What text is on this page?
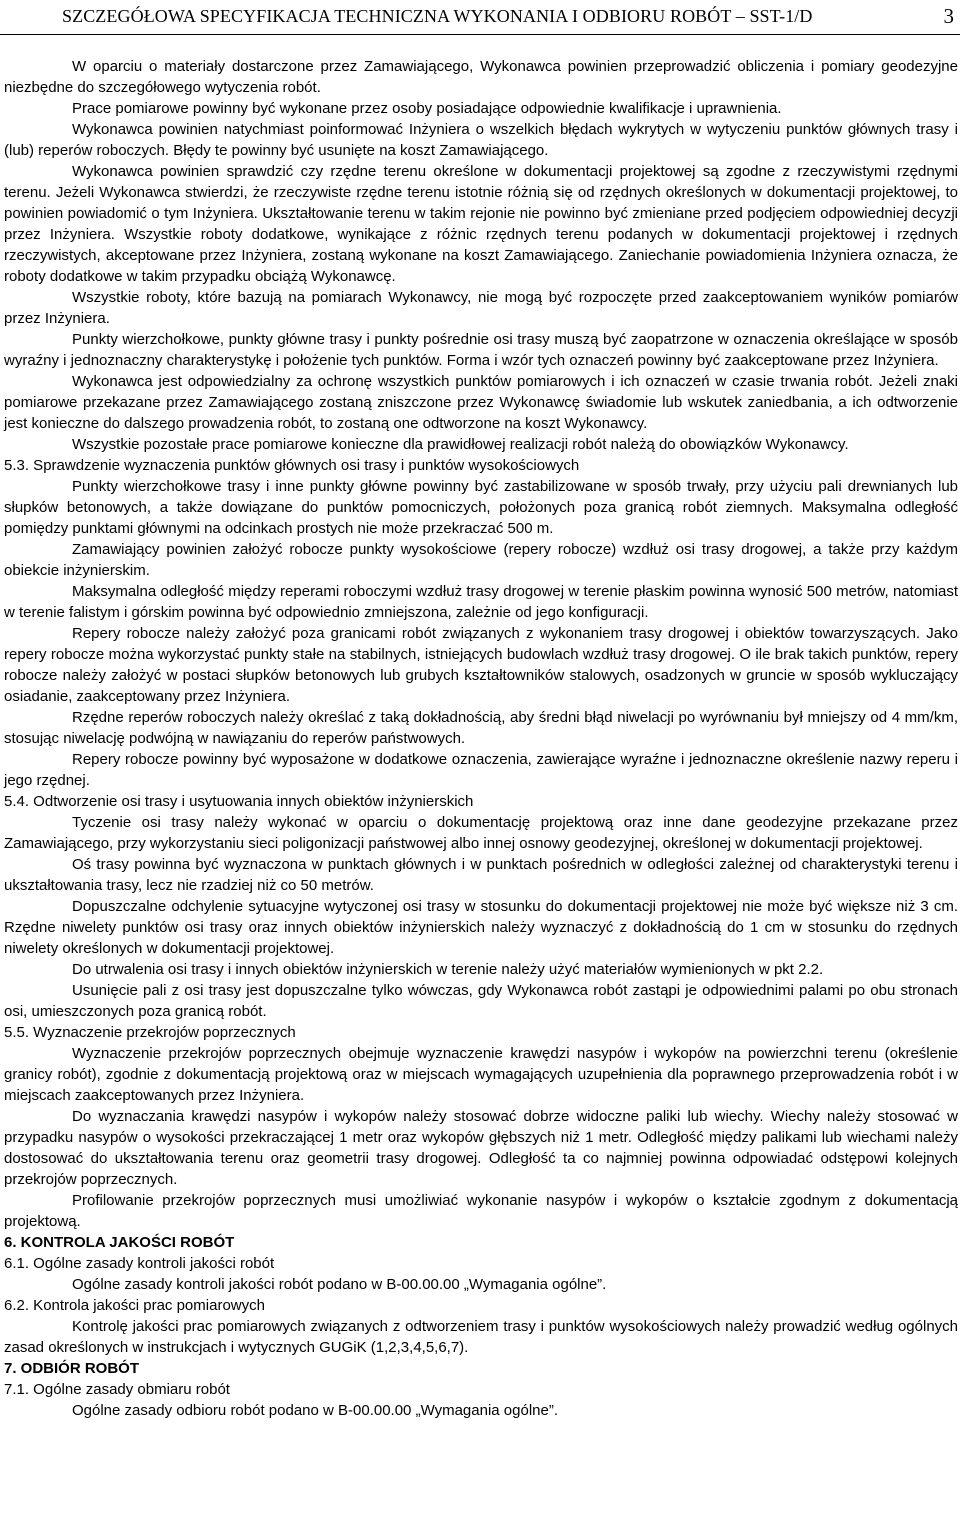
SZCZEGÓŁOWA SPECYFIKACJA TECHNICZNA WYKONANIA I ODBIORU ROBÓT – SST-1/D	3

W oparciu o materiały dostarczone przez Zamawiającego, Wykonawca powinien przeprowadzić obliczenia i pomiary geodezyjne niezbędne do szczegółowego wytyczenia robót.

Prace pomiarowe powinny być wykonane przez osoby posiadające odpowiednie kwalifikacje i uprawnienia.

Wykonawca powinien natychmiast poinformować Inżyniera o wszelkich błędach wykrytych w wytyczeniu punktów głównych trasy i (lub) reperów roboczych. Błędy te powinny być usunięte na koszt Zamawiającego.

Wykonawca powinien sprawdzić czy rzędne terenu określone w dokumentacji projektowej są zgodne z rzeczywistymi rzędnymi terenu. Jeżeli Wykonawca stwierdzi, że rzeczywiste rzędne terenu istotnie różnią się od rzędnych określonych w dokumentacji projektowej, to powinien powiadomić o tym Inżyniera. Ukształtowanie terenu w takim rejonie nie powinno być zmieniane przed podjęciem odpowiedniej decyzji przez Inżyniera. Wszystkie roboty dodatkowe, wynikające z różnic rzędnych terenu podanych w dokumentacji projektowej i rzędnych rzeczywistych, akceptowane przez Inżyniera, zostaną wykonane na koszt Zamawiającego. Zaniechanie powiadomienia Inżyniera oznacza, że roboty dodatkowe w takim przypadku obciążą Wykonawcę.

Wszystkie roboty, które bazują na pomiarach Wykonawcy, nie mogą być rozpoczęte przed zaakceptowaniem wyników pomiarów przez Inżyniera.

Punkty wierzchołkowe, punkty główne trasy i punkty pośrednie osi trasy muszą być zaopatrzone w oznaczenia określające w sposób wyraźny i jednoznaczny charakterystykę i położenie tych punktów. Forma i wzór tych oznaczeń powinny być zaakceptowane przez Inżyniera.

Wykonawca jest odpowiedzialny za ochronę wszystkich punktów pomiarowych i ich oznaczeń w czasie trwania robót. Jeżeli znaki pomiarowe przekazane przez Zamawiającego zostaną zniszczone przez Wykonawcę świadomie lub wskutek zaniedbania, a ich odtworzenie jest konieczne do dalszego prowadzenia robót, to zostaną one odtworzone na koszt Wykonawcy.

Wszystkie pozostałe prace pomiarowe konieczne dla prawidłowej realizacji robót należą do obowiązków Wykonawcy.

5.3. Sprawdzenie wyznaczenia punktów głównych osi trasy i punktów wysokościowych

Punkty wierzchołkowe trasy i inne punkty główne powinny być zastabilizowane w sposób trwały, przy użyciu pali drewnianych lub słupków betonowych, a także dowiązane do punktów pomocniczych, położonych poza granicą robót ziemnych. Maksymalna odległość pomiędzy punktami głównymi na odcinkach prostych nie może przekraczać 500 m.

Zamawiający powinien założyć robocze punkty wysokościowe (repery robocze) wzdłuż osi trasy drogowej, a także przy każdym obiekcie inżynierskim.

Maksymalna odległość między reperami roboczymi wzdłuż trasy drogowej w terenie płaskim powinna wynosić 500 metrów, natomiast w terenie falistym i górskim powinna być odpowiednio zmniejszona, zależnie od jego konfiguracji.

Repery robocze należy założyć poza granicami robót związanych z wykonaniem trasy drogowej i obiektów towarzyszących. Jako repery robocze można wykorzystać punkty stałe na stabilnych, istniejących budowlach wzdłuż trasy drogowej. O ile brak takich punktów, repery robocze należy założyć w postaci słupków betonowych lub grubych kształtowników stalowych, osadzonych w gruncie w sposób wykluczający osiadanie, zaakceptowany przez Inżyniera.

Rzędne reperów roboczych należy określać z taką dokładnością, aby średni błąd niwelacji po wyrównaniu był mniejszy od 4 mm/km, stosując niwelację podwójną w nawiązaniu do reperów państwowych.

Repery robocze powinny być wyposażone w dodatkowe oznaczenia, zawierające wyraźne i jednoznaczne określenie nazwy reperu i jego rzędnej.

5.4. Odtworzenie osi trasy i usytuowania innych obiektów inżynierskich

Tyczenie osi trasy należy wykonać w oparciu o dokumentację projektową oraz inne dane geodezyjne przekazane przez Zamawiającego, przy wykorzystaniu sieci poligonizacji państwowej albo innej osnowy geodezyjnej, określonej w dokumentacji projektowej.

Oś trasy powinna być wyznaczona w punktach głównych i w punktach pośrednich w odległości zależnej od charakterystyki terenu i ukształtowania trasy, lecz nie rzadziej niż co 50 metrów.

Dopuszczalne odchylenie sytuacyjne wytyczonej osi trasy w stosunku do dokumentacji projektowej nie może być większe niż 3 cm. Rzędne niwelety punktów osi trasy oraz innych obiektów inżynierskich należy wyznaczyć z dokładnością do 1 cm w stosunku do rzędnych niwelety określonych w dokumentacji projektowej.

Do utrwalenia osi trasy i innych obiektów inżynierskich w terenie należy użyć materiałów wymienionych w pkt 2.2.

Usunięcie pali z osi trasy jest dopuszczalne tylko wówczas, gdy Wykonawca robót zastąpi je odpowiednimi palami po obu stronach osi, umieszczonych poza granicą robót.

5.5. Wyznaczenie przekrojów poprzecznych

Wyznaczenie przekrojów poprzecznych obejmuje wyznaczenie krawędzi nasypów i wykopów na powierzchni terenu (określenie granicy robót), zgodnie z dokumentacją projektową oraz w miejscach wymagających uzupełnienia dla poprawnego przeprowadzenia robót i w miejscach zaakceptowanych przez Inżyniera.

Do wyznaczania krawędzi nasypów i wykopów należy stosować dobrze widoczne paliki lub wiechy. Wiechy należy stosować w przypadku nasypów o wysokości przekraczającej 1 metr oraz wykopów głębszych niż 1 metr. Odległość między palikami lub wiechami należy dostosować do ukształtowania terenu oraz geometrii trasy drogowej. Odległość ta co najmniej powinna odpowiadać odstępowi kolejnych przekrojów poprzecznych.

Profilowanie przekrojów poprzecznych musi umożliwiać wykonanie nasypów i wykopów o kształcie zgodnym z dokumentacją projektową.

6. KONTROLA JAKOŚCI ROBÓT

6.1. Ogólne zasady kontroli jakości robót

Ogólne zasady kontroli jakości robót podano w B-00.00.00 „Wymagania ogólne”.

6.2. Kontrola jakości prac pomiarowych

Kontrolę jakości prac pomiarowych związanych z odtworzeniem trasy i punktów wysokościowych należy prowadzić według ogólnych zasad określonych w instrukcjach i wytycznych GUGiK (1,2,3,4,5,6,7).

7. ODBIÓR ROBÓT

7.1. Ogólne zasady obmiaru robót

Ogólne zasady odbioru robót podano w B-00.00.00 „Wymagania ogólne”.
